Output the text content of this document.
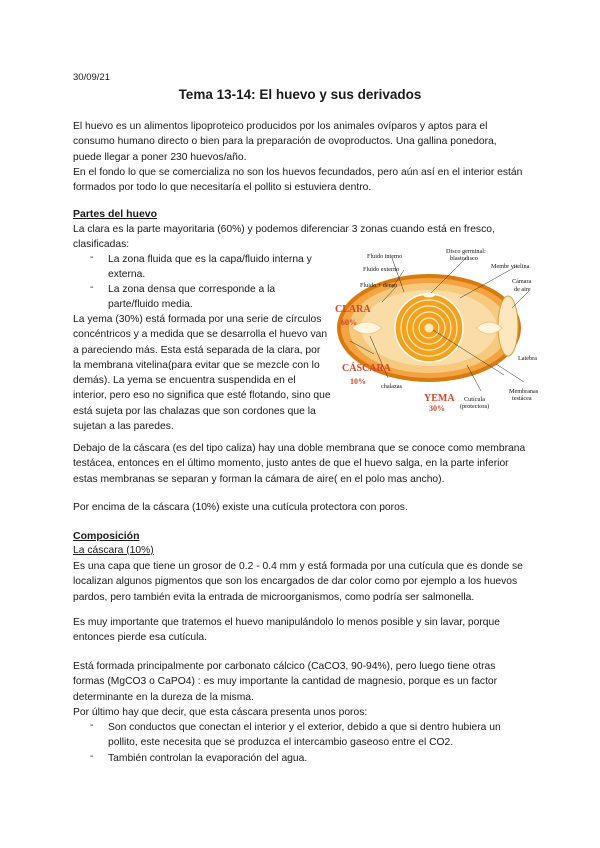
30/09/21
Tema 13-14: El huevo y sus derivados

El huevo es un alimentos lipoproteico producidos por los animales ovíparos y aptos para el consumo humano directo o bien para la preparación de ovoproductos. Una gallina ponedora, puede llegar a poner 230 huevos/año.

En el fondo lo que se comercializa no son los huevos fecundados, pero aún así en el interior están formados por todo lo que necesitaría el pollito si estuviera dentro.

Partes del huevo

La clara es la parte mayoritaria (60%) y podemos diferenciar 3 zonas cuando está en fresco, clasificadas:

- La zona fluida que es la capa/fluido interna y externa.

- La zona densa que corresponde a la parte/fluido media.

La yema (30%) está formada por una serie de círculos concéntricos y a medida que se desarrolla el huevo van a pareciendo más. Esta está separada de la clara, por la membrana vitelina(para evitar que se mezcle con lo demás). La yema se encuentra suspendida en el interior, pero eso no significa que esté flotando, sino que está sujeta por las chalazas que son cordones que la sujetan a las paredes.

Debajo de la cáscara (es del tipo caliza) hay una doble membrana que se conoce como membrana testácea, entonces en el último momento, justo antes de que el huevo salga, en la parte inferior estas membranas se separan y forman la cámara de aire( en el polo mas ancho).

Por encima de la cáscara (10%) existe una cutícula protectora con poros.

Fluido interno
Disco germinal:
blastodisco
Membr vitelina
Fluido externo
Cámara
de aire
Fluido + denso
chalazas
Latebra
Membranas
testácea
Cutícula
(protectora)
CLARA
60%
CÁSCARA
10%
YEMA
30%
Composición
La cáscara (10%)

Es una capa que tiene un grosor de 0.2 - 0.4 mm y está formada por una cutícula que es donde se localizan algunos pigmentos que son los encargados de dar color como por ejemplo a los huevos pardos, pero también evita la entrada de microorganismos, como podría ser salmonella.

Es muy importante que tratemos el huevo manipulándolo lo menos posible y sin lavar, porque entonces pierde esa cutícula.

Está formada principalmente por carbonato cálcico (CaCO3, 90-94%), pero luego tiene otras formas (MgCO3 o CaPO4) : es muy importante la cantidad de magnesio, porque es un factor determinante en la dureza de la misma.

Por último hay que decir, que esta cáscara presenta unos poros:

- Son conductos que conectan el interior y el exterior, debido a que si dentro hubiera un pollito, este necesita que se produzca el intercambio gaseoso entre el CO2.

- También controlan la evaporación del agua.
